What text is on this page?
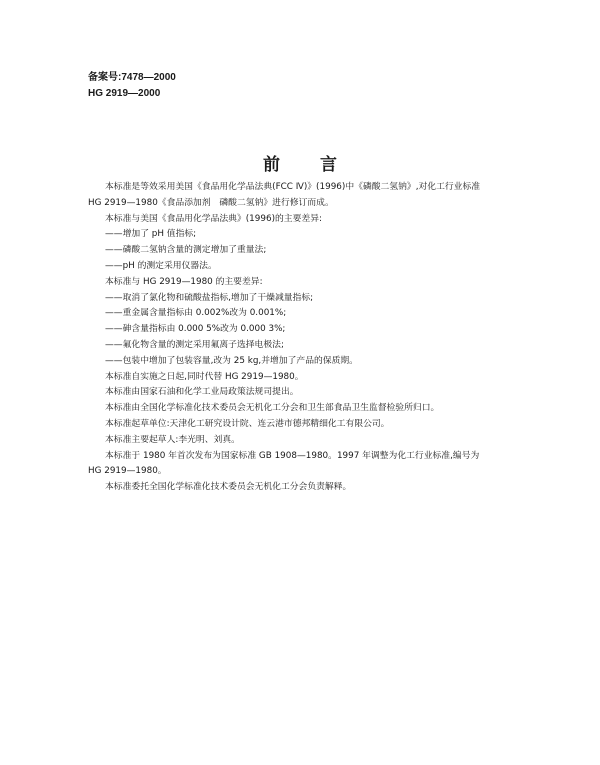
备案号:7478—2000
HG 2919—2000
前言

本标准是等效采用美国《食品用化学品法典(FCC Ⅳ)》(1996)中《磷酸二氢钠》,对化工行业标准

HG 2919—1980《食品添加剂　磷酸二氢钠》进行修订而成。

本标准与美国《食品用化学品法典》(1996)的主要差异:

——增加了 pH 值指标;

——磷酸二氢钠含量的测定增加了重量法;

——pH 的测定采用仪器法。

本标准与 HG 2919—1980 的主要差异:

——取消了氯化物和硫酸盐指标,增加了干燥减量指标;

——重金属含量指标由 0.002%改为 0.001%;

——砷含量指标由 0.000 5%改为 0.000 3%;

——氟化物含量的测定采用氟离子选择电极法;

——包装中增加了包装容量,改为 25 kg,并增加了产品的保质期。

本标准自实施之日起,同时代替 HG 2919—1980。

本标准由国家石油和化学工业局政策法规司提出。

本标准由全国化学标准化技术委员会无机化工分会和卫生部食品卫生监督检验所归口。

本标准起草单位:天津化工研究设计院、连云港市德邦精细化工有限公司。

本标准主要起草人:李光明、刘真。

本标准于 1980 年首次发布为国家标准 GB 1908—1980。1997 年调整为化工行业标准,编号为

HG 2919—1980。

本标准委托全国化学标准化技术委员会无机化工分会负责解释。
